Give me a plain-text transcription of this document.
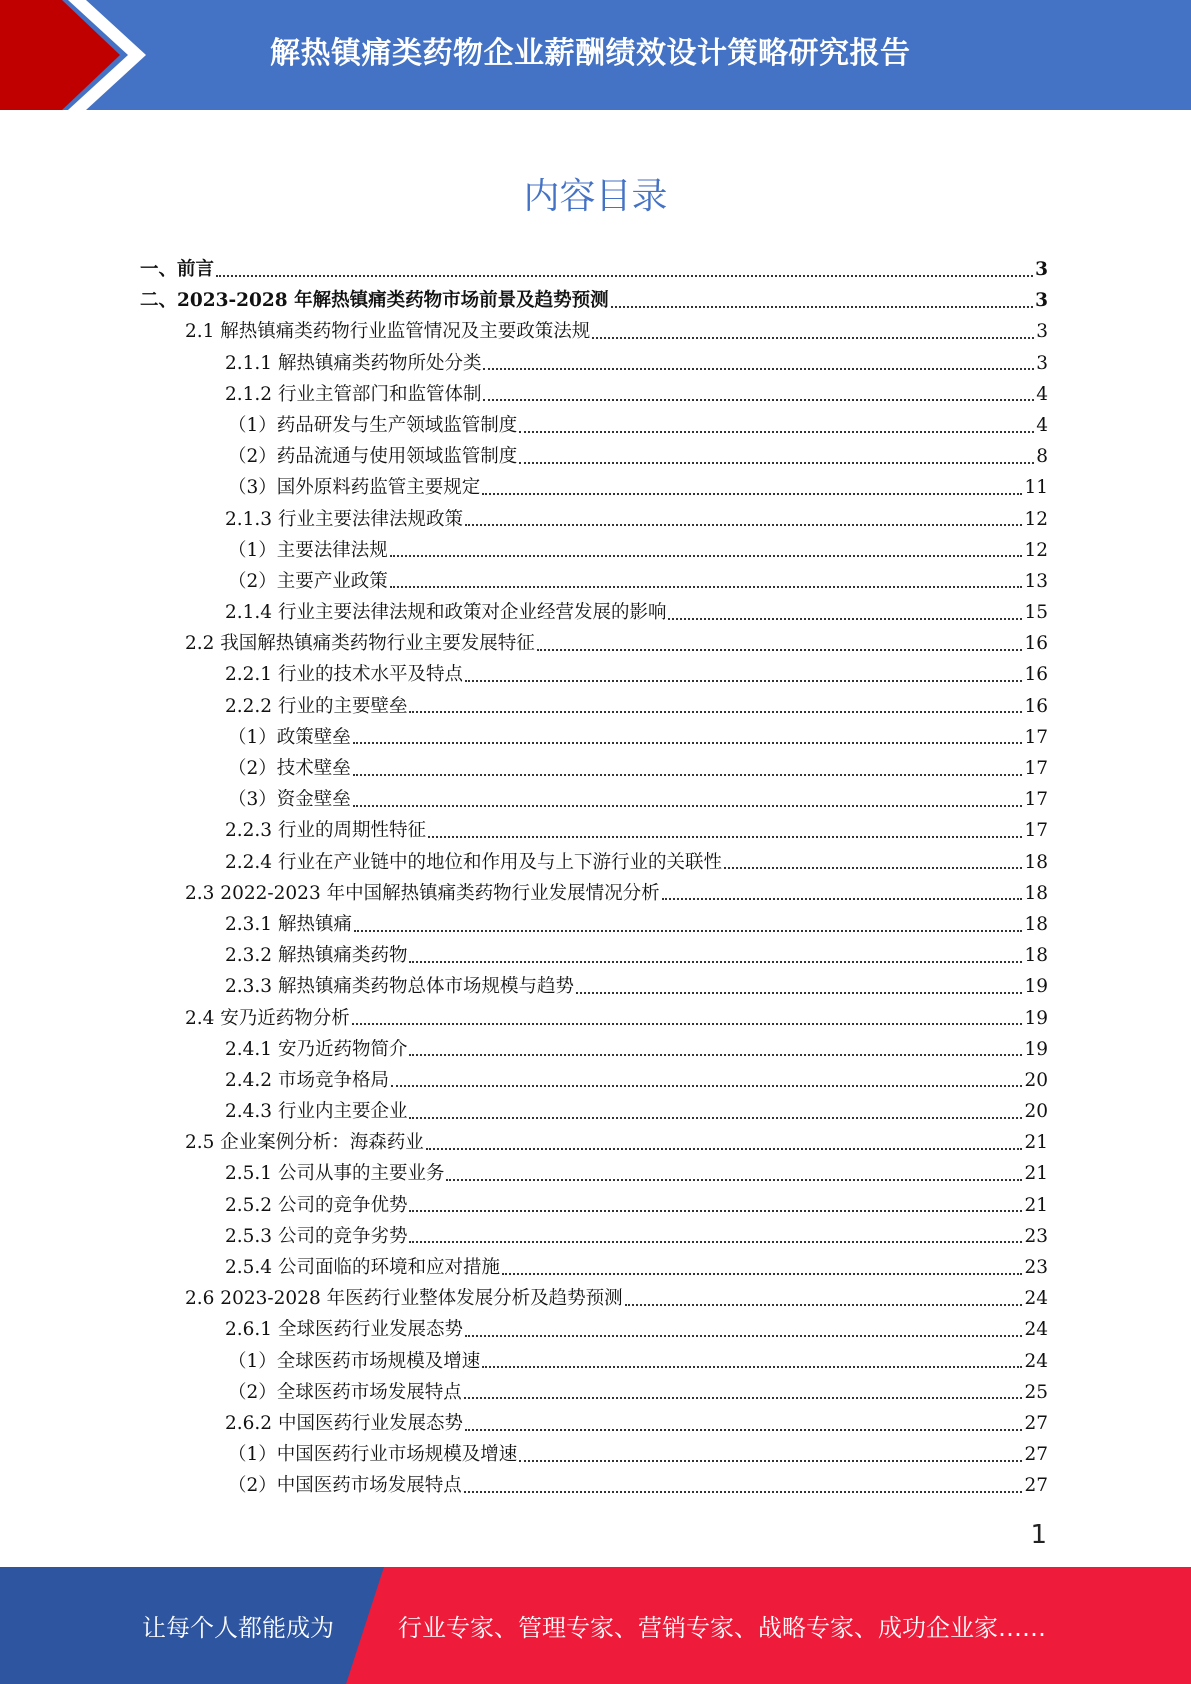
解热镇痛类药物企业薪酬绩效设计策略研究报告
内容目录
一、前言	3
二、2023-2028 年解热镇痛类药物市场前景及趋势预测	3
2.1 解热镇痛类药物行业监管情况及主要政策法规	3
2.1.1 解热镇痛类药物所处分类	3
2.1.2 行业主管部门和监管体制	4
（1）药品研发与生产领域监管制度	4
（2）药品流通与使用领域监管制度	8
（3）国外原料药监管主要规定	11
2.1.3 行业主要法律法规政策	12
（1）主要法律法规	12
（2）主要产业政策	13
2.1.4 行业主要法律法规和政策对企业经营发展的影响	15
2.2 我国解热镇痛类药物行业主要发展特征	16
2.2.1 行业的技术水平及特点	16
2.2.2 行业的主要壁垒	16
（1）政策壁垒	17
（2）技术壁垒	17
（3）资金壁垒	17
2.2.3 行业的周期性特征	17
2.2.4 行业在产业链中的地位和作用及与上下游行业的关联性	18
2.3 2022-2023 年中国解热镇痛类药物行业发展情况分析	18
2.3.1 解热镇痛	18
2.3.2 解热镇痛类药物	18
2.3.3 解热镇痛类药物总体市场规模与趋势	19
2.4 安乃近药物分析	19
2.4.1 安乃近药物简介	19
2.4.2 市场竞争格局	20
2.4.3 行业内主要企业	20
2.5 企业案例分析：海森药业	21
2.5.1 公司从事的主要业务	21
2.5.2 公司的竞争优势	21
2.5.3 公司的竞争劣势	23
2.5.4 公司面临的环境和应对措施	23
2.6 2023-2028 年医药行业整体发展分析及趋势预测	24
2.6.1 全球医药行业发展态势	24
（1）全球医药市场规模及增速	24
（2）全球医药市场发展特点	25
2.6.2 中国医药行业发展态势	27
（1）中国医药行业市场规模及增速	27
（2）中国医药市场发展特点	27
1
让每个人都能成为	行业专家、管理专家、营销专家、战略专家、成功企业家……
